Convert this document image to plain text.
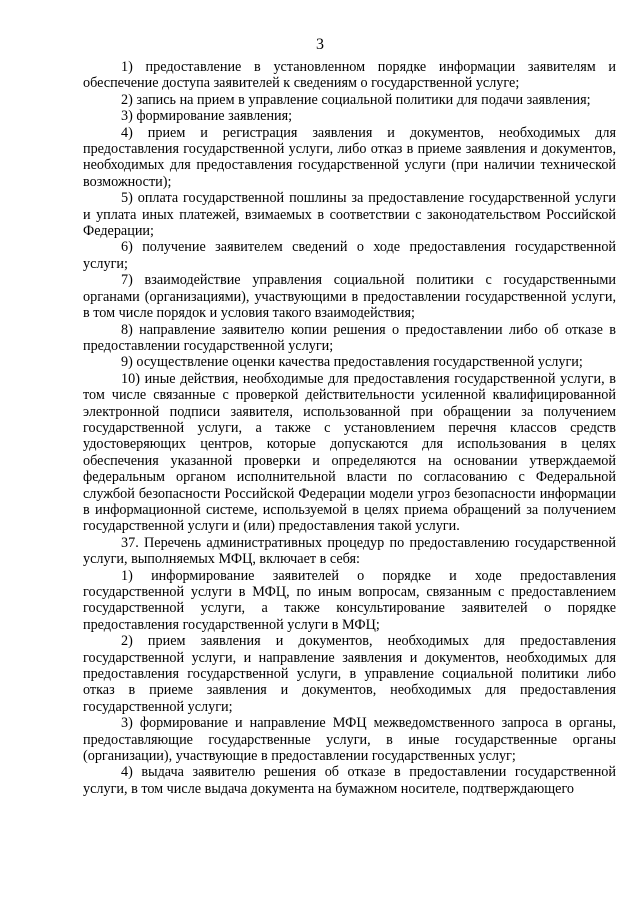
3

1) предоставление в установленном порядке информации заявителям и обеспечение доступа заявителей к сведениям о государственной услуге;

2) запись на прием в управление социальной политики для подачи заявления;

3) формирование заявления;

4) прием и регистрация заявления и документов, необходимых для предоставления государственной услуги, либо отказ в приеме заявления и документов, необходимых для предоставления государственной услуги (при наличии технической возможности);

5) оплата государственной пошлины за предоставление государственной услуги и уплата иных платежей, взимаемых в соответствии с законодательством Российской Федерации;

6) получение заявителем сведений о ходе предоставления государственной услуги;

7) взаимодействие управления социальной политики с государственными органами (организациями), участвующими в предоставлении государственной услуги, в том числе порядок и условия такого взаимодействия;

8) направление заявителю копии решения о предоставлении либо об отказе в предоставлении государственной услуги;

9) осуществление оценки качества предоставления государственной услуги;

10) иные действия, необходимые для предоставления государственной услуги, в том числе связанные с проверкой действительности усиленной квалифицированной электронной подписи заявителя, использованной при обращении за получением государственной услуги, а также с установлением перечня классов средств удостоверяющих центров, которые допускаются для использования в целях обеспечения указанной проверки и определяются на основании утверждаемой федеральным органом исполнительной власти по согласованию с Федеральной службой безопасности Российской Федерации модели угроз безопасности информации в информационной системе, используемой в целях приема обращений за получением государственной услуги и (или) предоставления такой услуги.

37. Перечень административных процедур по предоставлению государственной услуги, выполняемых МФЦ, включает в себя:

1) информирование заявителей о порядке и ходе предоставления государственной услуги в МФЦ, по иным вопросам, связанным с предоставлением государственной услуги, а также консультирование заявителей о порядке предоставления государственной услуги в МФЦ;

2) прием заявления и документов, необходимых для предоставления государственной услуги, и направление заявления и документов, необходимых для предоставления государственной услуги, в управление социальной политики либо отказ в приеме заявления и документов, необходимых для предоставления государственной услуги;

3) формирование и направление МФЦ межведомственного запроса в органы, предоставляющие государственные услуги, в иные государственные органы (организации), участвующие в предоставлении государственных услуг;

4) выдача заявителю решения об отказе в предоставлении государственной услуги, в том числе выдача документа на бумажном носителе, подтверждающего
